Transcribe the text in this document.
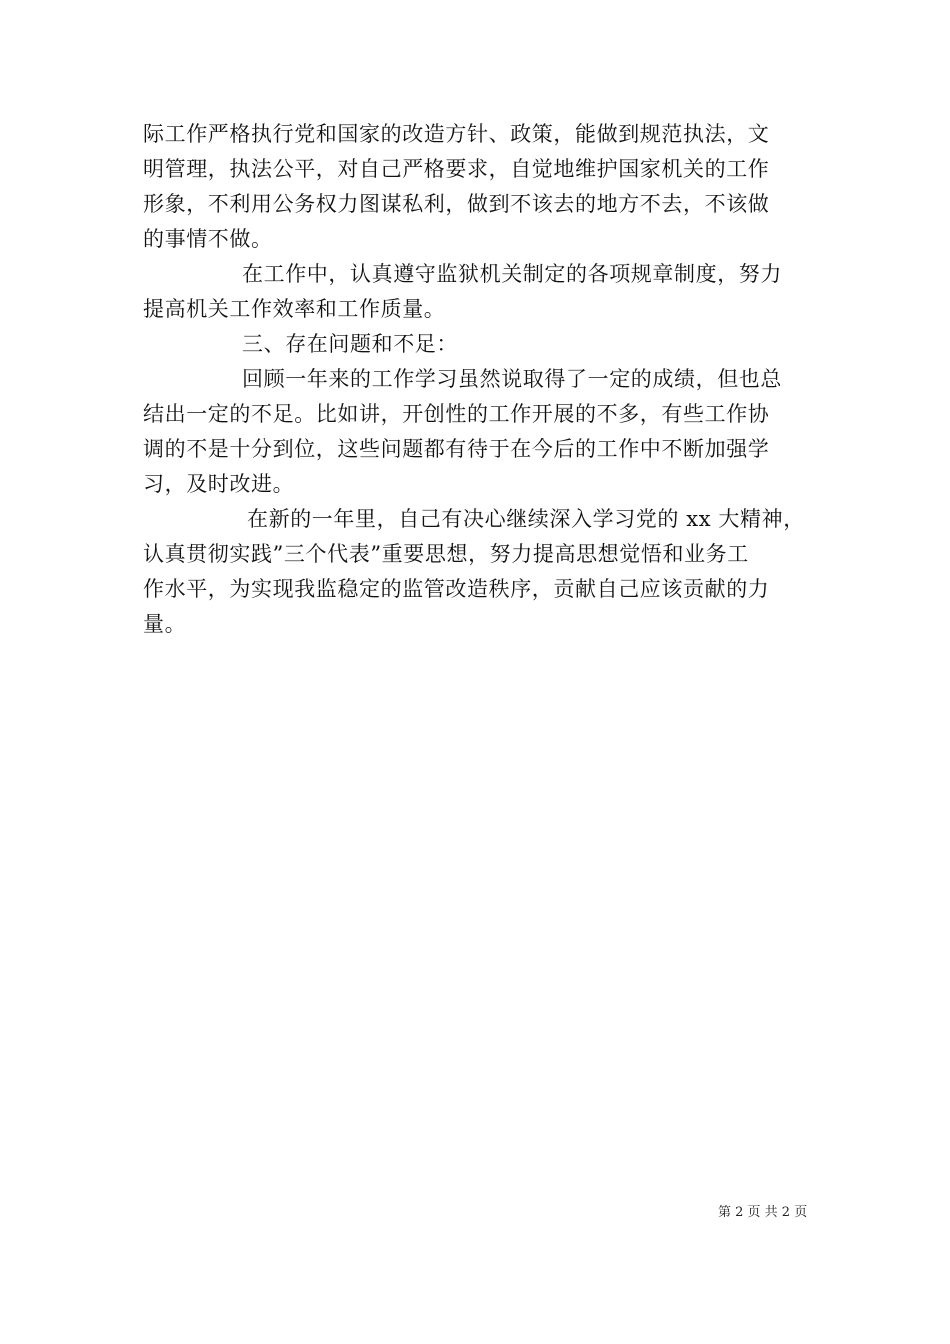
际工作严格执行党和国家的改造方针、政策，能做到规范执法，文
明管理，执法公平，对自己严格要求，自觉地维护国家机关的工作
形象，不利用公务权力图谋私利，做到不该去的地方不去，不该做
的事情不做。
在工作中，认真遵守监狱机关制定的各项规章制度，努力
提高机关工作效率和工作质量。
三、存在问题和不足：
回顾一年来的工作学习虽然说取得了一定的成绩，但也总
结出一定的不足。比如讲，开创性的工作开展的不多，有些工作协
调的不是十分到位，这些问题都有待于在今后的工作中不断加强学
习，及时改进。
在新的一年里，自己有决心继续深入学习党的 xx 大精神，
认真贯彻实践”三个代表”重要思想，努力提高思想觉悟和业务工
作水平，为实现我监稳定的监管改造秩序，贡献自己应该贡献的力
量。
第 2 页 共 2 页
